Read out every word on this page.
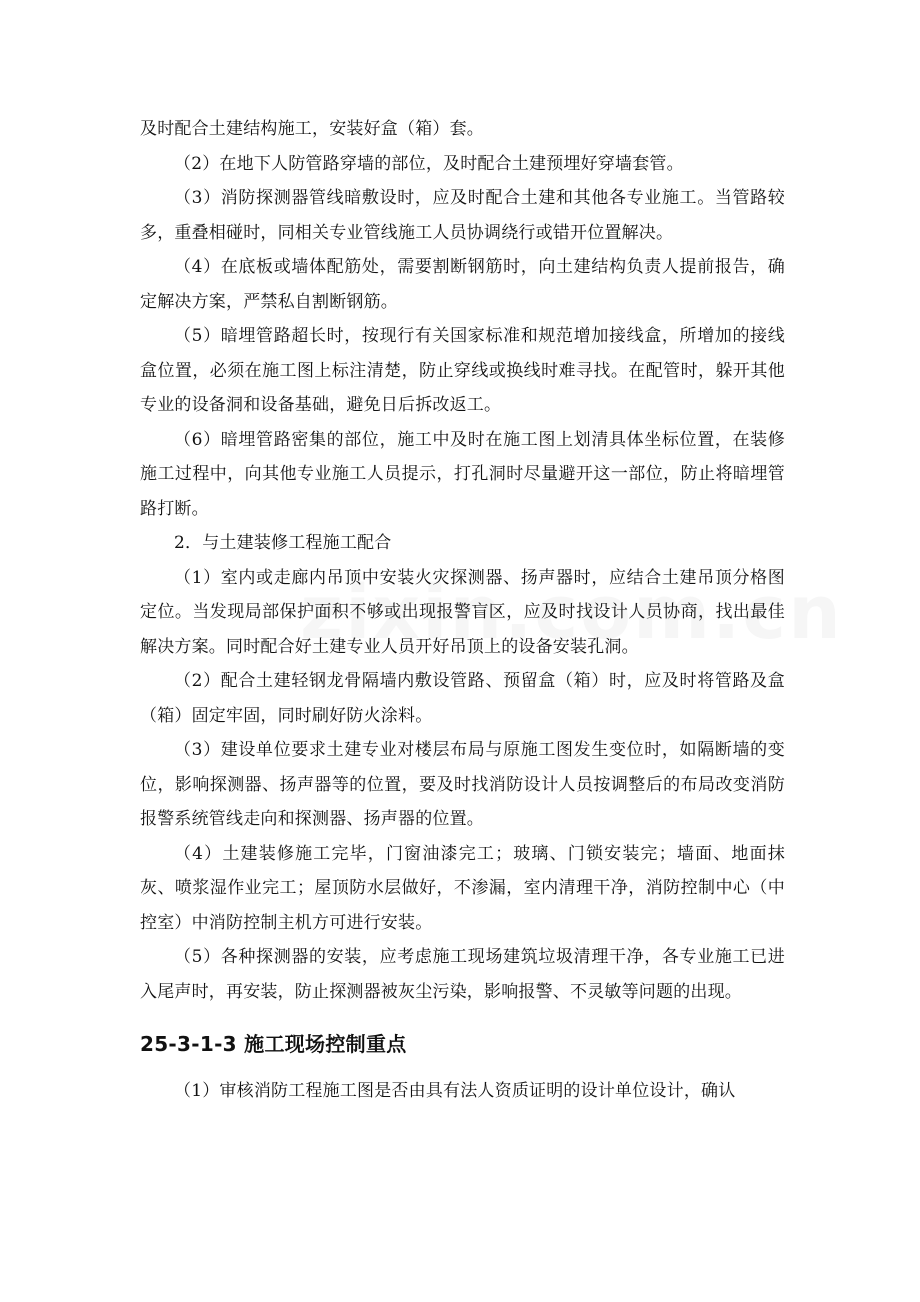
及时配合土建结构施工，安装好盒（箱）套。

（2）在地下人防管路穿墙的部位，及时配合土建预埋好穿墙套管。

（3）消防探测器管线暗敷设时，应及时配合土建和其他各专业施工。当管路较多，重叠相碰时，同相关专业管线施工人员协调绕行或错开位置解决。

（4）在底板或墙体配筋处，需要割断钢筋时，向土建结构负责人提前报告，确定解决方案，严禁私自割断钢筋。

（5）暗埋管路超长时，按现行有关国家标准和规范增加接线盒，所增加的接线盒位置，必须在施工图上标注清楚，防止穿线或换线时难寻找。在配管时，躲开其他专业的设备洞和设备基础，避免日后拆改返工。

（6）暗埋管路密集的部位，施工中及时在施工图上划清具体坐标位置，在装修施工过程中，向其他专业施工人员提示，打孔洞时尽量避开这一部位，防止将暗埋管路打断。

2．与土建装修工程施工配合

（1）室内或走廊内吊顶中安装火灾探测器、扬声器时，应结合土建吊顶分格图定位。当发现局部保护面积不够或出现报警盲区，应及时找设计人员协商，找出最佳解决方案。同时配合好土建专业人员开好吊顶上的设备安装孔洞。

（2）配合土建轻钢龙骨隔墙内敷设管路、预留盒（箱）时，应及时将管路及盒（箱）固定牢固，同时刷好防火涂料。

（3）建设单位要求土建专业对楼层布局与原施工图发生变位时，如隔断墙的变位，影响探测器、扬声器等的位置，要及时找消防设计人员按调整后的布局改变消防报警系统管线走向和探测器、扬声器的位置。

（4）土建装修施工完毕，门窗油漆完工；玻璃、门锁安装完；墙面、地面抹灰、喷浆湿作业完工；屋顶防水层做好，不渗漏，室内清理干净，消防控制中心（中控室）中消防控制主机方可进行安装。

（5）各种探测器的安装，应考虑施工现场建筑垃圾清理干净，各专业施工已进入尾声时，再安装，防止探测器被灰尘污染，影响报警、不灵敏等问题的出现。

25-3-1-3 施工现场控制重点

（1）审核消防工程施工图是否由具有法人资质证明的设计单位设计，确认
